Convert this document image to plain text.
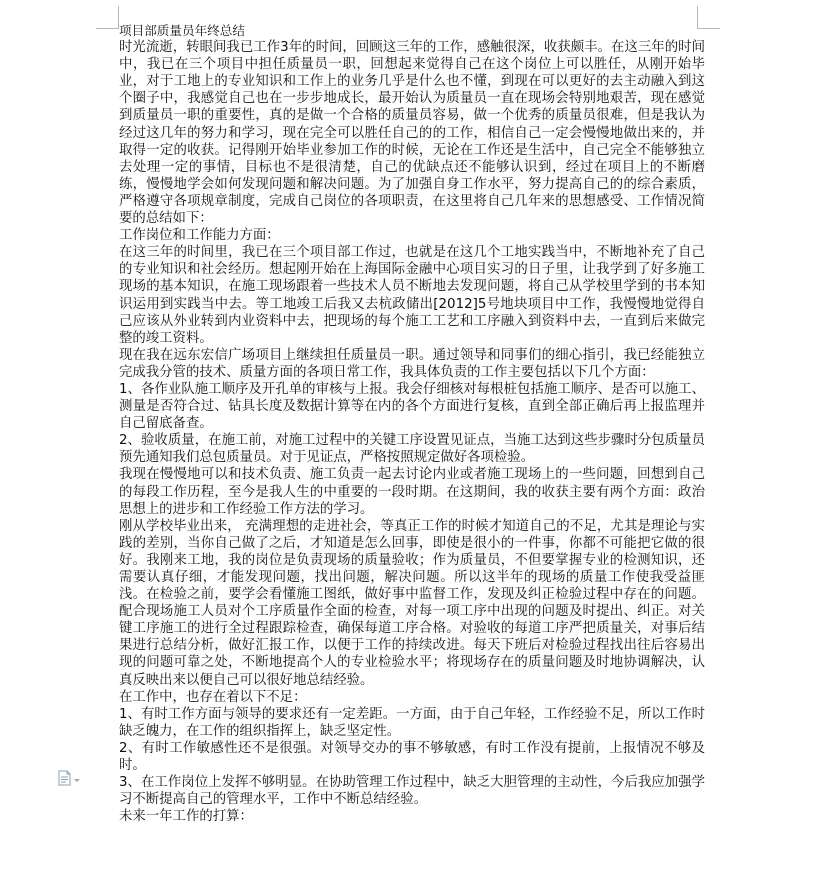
项目部质量员年终总结

时光流逝，转眼间我已工作3年的时间，回顾这三年的工作，感触很深，收获颇丰。在这三年的时间中，我已在三个项目中担任质量员一职，回想起来觉得自己在这个岗位上可以胜任，从刚开始毕业，对于工地上的专业知识和工作上的业务几乎是什么也不懂，到现在可以更好的去主动融入到这个圈子中，我感觉自己也在一步步地成长，最开始认为质量员一直在现场会特别地艰苦，现在感觉到质量员一职的重要性，真的是做一个合格的质量员容易，做一个优秀的质量员很难，但是我认为经过这几年的努力和学习，现在完全可以胜任自己的的工作，相信自己一定会慢慢地做出来的，并取得一定的收获。记得刚开始毕业参加工作的时候，无论在工作还是生活中，自己完全不能够独立去处理一定的事情，目标也不是很清楚，自己的优缺点还不能够认识到，经过在项目上的不断磨练，慢慢地学会如何发现问题和解决问题。为了加强自身工作水平，努力提高自己的的综合素质，严格遵守各项规章制度，完成自己岗位的各项职责，在这里将自己几年来的思想感受、工作情况简要的总结如下：

工作岗位和工作能力方面：

在这三年的时间里，我已在三个项目部工作过，也就是在这几个工地实践当中，不断地补充了自己的专业知识和社会经历。想起刚开始在上海国际金融中心项目实习的日子里，让我学到了好多施工现场的基本知识，在施工现场跟着一些技术人员不断地去发现问题，将自己从学校里学到的书本知识运用到实践当中去。等工地竣工后我又去杭政储出[2012]5号地块项目中工作，我慢慢地觉得自己应该从外业转到内业资料中去，把现场的每个施工工艺和工序融入到资料中去，一直到后来做完整的竣工资料。

现在我在远东宏信广场项目上继续担任质量员一职。通过领导和同事们的细心指引，我已经能独立完成我分管的技术、质量方面的各项日常工作，我具体负责的工作主要包括以下几个方面：

1、各作业队施工顺序及开孔单的审核与上报。我会仔细核对每根桩包括施工顺序、是否可以施工、测量是否符合过、钻具长度及数据计算等在内的各个方面进行复核，直到全部正确后再上报监理并自己留底备查。

2、验收质量，在施工前，对施工过程中的关键工序设置见证点，当施工达到这些步骤时分包质量员预先通知我们总包质量员。对于见证点，严格按照规定做好各项检验。

我现在慢慢地可以和技术负责、施工负责一起去讨论内业或者施工现场上的一些问题，回想到自己的每段工作历程，至今是我人生的中重要的一段时期。在这期间，我的收获主要有两个方面：政治思想上的进步和工作经验工作方法的学习。

刚从学校毕业出来， 充满理想的走进社会，等真正工作的时候才知道自己的不足，尤其是理论与实践的差别，当你自己做了之后，才知道是怎么回事，即使是很小的一件事，你都不可能把它做的很好。我刚来工地，我的岗位是负责现场的质量验收；作为质量员，不但要掌握专业的检测知识，还需要认真仔细，才能发现问题，找出问题，解决问题。所以这半年的现场的质量工作使我受益匪浅。在检验之前，要学会看懂施工图纸，做好事中监督工作，发现及纠正检验过程中存在的问题。配合现场施工人员对个工序质量作全面的检查，对每一项工序中出现的问题及时提出、纠正。对关键工序施工的进行全过程跟踪检查，确保每道工序合格。对验收的每道工序严把质量关，对事后结果进行总结分析，做好汇报工作，以便于工作的持续改进。每天下班后对检验过程找出往后容易出现的问题可靠之处，不断地提高个人的专业检验水平；将现场存在的质量问题及时地协调解决，认真反映出来以便自己可以很好地总结经验。

在工作中，也存在着以下不足：

1、有时工作方面与领导的要求还有一定差距。一方面，由于自己年轻，工作经验不足，所以工作时缺乏魄力，在工作的组织指挥上，缺乏坚定性。

2、有时工作敏感性还不是很强。对领导交办的事不够敏感，有时工作没有提前，上报情况不够及时。

3、在工作岗位上发挥不够明显。在协助管理工作过程中，缺乏大胆管理的主动性，今后我应加强学习不断提高自己的管理水平，工作中不断总结经验。

未来一年工作的打算：
